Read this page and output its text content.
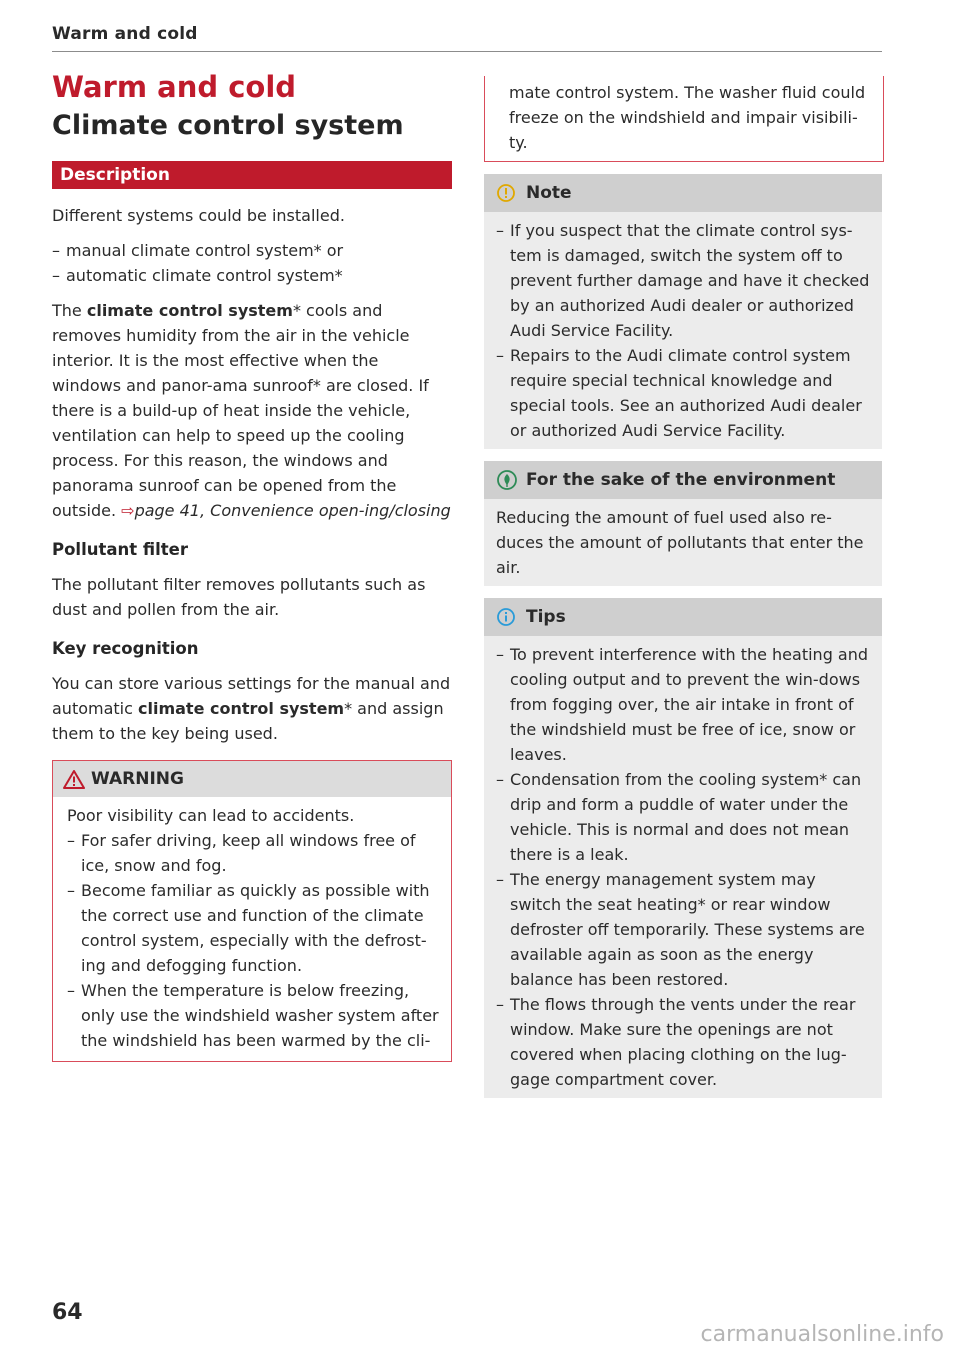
Warm and cold
Warm and cold
Climate control system
Description

Different systems could be installed.

– manual climate control system* or
– automatic climate control system*

The climate control system* cools and removes humidity from the air in the vehicle interior. It is the most effective when the windows and panor-ama sunroof* are closed. If there is a build-up of heat inside the vehicle, ventilation can help to speed up the cooling process. For this reason, the windows and panorama sunroof can be opened from the outside. ⇨page 41, Convenience open-ing/closing

Pollutant filter

The pollutant filter removes pollutants such as dust and pollen from the air.

Key recognition

You can store various settings for the manual and automatic climate control system* and assign them to the key being used.

WARNING

Poor visibility can lead to accidents.

– For safer driving, keep all windows free of ice, snow and fog.
– Become familiar as quickly as possible with the correct use and function of the climate control system, especially with the defrost-ing and defogging function.
– When the temperature is below freezing, only use the windshield washer system after the windshield has been warmed by the cli-
64

mate control system. The washer fluid could freeze on the windshield and impair visibili-ty.

Note
– If you suspect that the climate control sys-tem is damaged, switch the system off to prevent further damage and have it checked by an authorized Audi dealer or authorized Audi Service Facility.
– Repairs to the Audi climate control system require special technical knowledge and special tools. See an authorized Audi dealer or authorized Audi Service Facility.
For the sake of the environment

Reducing the amount of fuel used also re-duces the amount of pollutants that enter the air.

Tips
– To prevent interference with the heating and cooling output and to prevent the win-dows from fogging over, the air intake in front of the windshield must be free of ice, snow or leaves.
– Condensation from the cooling system* can drip and form a puddle of water under the vehicle. This is normal and does not mean there is a leak.
– The energy management system may switch the seat heating* or rear window defroster off temporarily. These systems are available again as soon as the energy balance has been restored.
– The flows through the vents under the rear window. Make sure the openings are not covered when placing clothing on the lug-gage compartment cover.
carmanualsonline.info
